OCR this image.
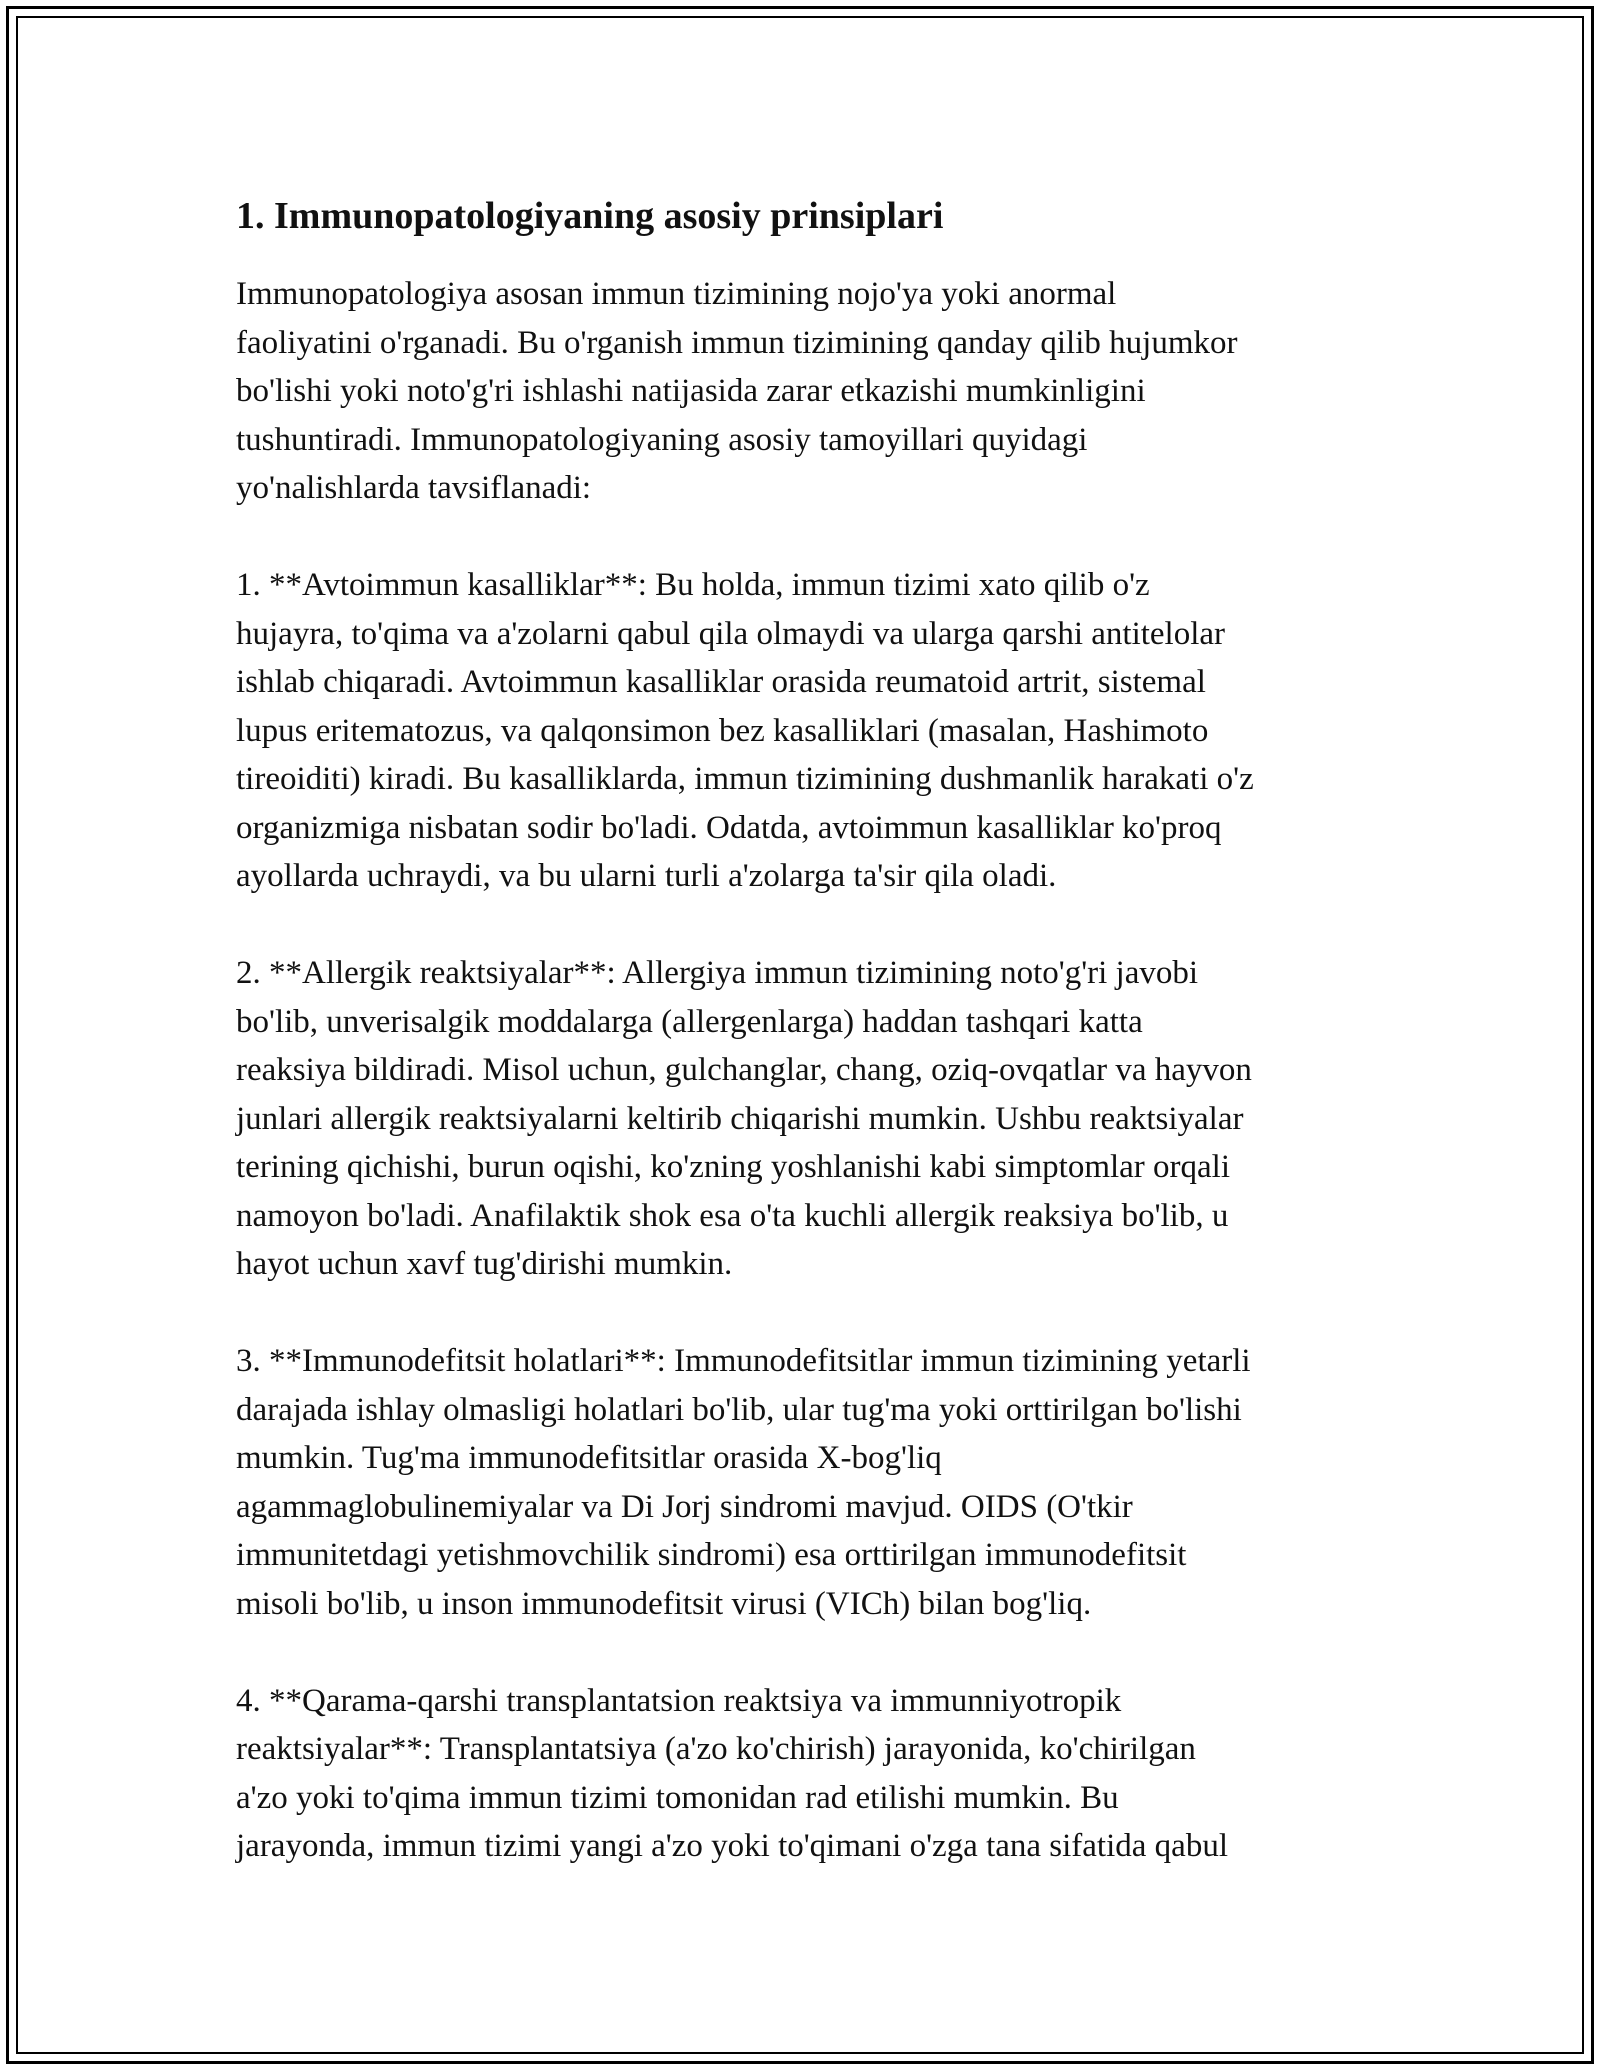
1. Immunopatologiyaning asosiy prinsiplari

Immunopatologiya asosan immun tizimining nojo'ya yoki anormal
faoliyatini o'rganadi. Bu o'rganish immun tizimining qanday qilib hujumkor
bo'lishi yoki noto'g'ri ishlashi natijasida zarar etkazishi mumkinligini
tushuntiradi. Immunopatologiyaning asosiy tamoyillari quyidagi
yo'nalishlarda tavsiflanadi:

1. **Avtoimmun kasalliklar**: Bu holda, immun tizimi xato qilib o'z
hujayra, to'qima va a'zolarni qabul qila olmaydi va ularga qarshi antitelolar
ishlab chiqaradi. Avtoimmun kasalliklar orasida reumatoid artrit, sistemal
lupus eritematozus, va qalqonsimon bez kasalliklari (masalan, Hashimoto
tireoiditi) kiradi. Bu kasalliklarda, immun tizimining dushmanlik harakati o'z
organizmiga nisbatan sodir bo'ladi. Odatda, avtoimmun kasalliklar ko'proq
ayollarda uchraydi, va bu ularni turli a'zolarga ta'sir qila oladi.

2. **Allergik reaktsiyalar**: Allergiya immun tizimining noto'g'ri javobi
bo'lib, unverisalgik moddalarga (allergenlarga) haddan tashqari katta
reaksiya bildiradi. Misol uchun, gulchanglar, chang, oziq-ovqatlar va hayvon
junlari allergik reaktsiyalarni keltirib chiqarishi mumkin. Ushbu reaktsiyalar
terining qichishi, burun oqishi, ko'zning yoshlanishi kabi simptomlar orqali
namoyon bo'ladi. Anafilaktik shok esa o'ta kuchli allergik reaksiya bo'lib, u
hayot uchun xavf tug'dirishi mumkin.

3. **Immunodefitsit holatlari**: Immunodefitsitlar immun tizimining yetarli
darajada ishlay olmasligi holatlari bo'lib, ular tug'ma yoki orttirilgan bo'lishi
mumkin. Tug'ma immunodefitsitlar orasida X-bog'liq
agammaglobulinemiyalar va Di Jorj sindromi mavjud. OIDS (O'tkir
immunitetdagi yetishmovchilik sindromi) esa orttirilgan immunodefitsit
misoli bo'lib, u inson immunodefitsit virusi (VICh) bilan bog'liq.

4. **Qarama-qarshi transplantatsion reaktsiya va immunniyotropik
reaktsiyalar**: Transplantatsiya (a'zo ko'chirish) jarayonida, ko'chirilgan
a'zo yoki to'qima immun tizimi tomonidan rad etilishi mumkin. Bu
jarayonda, immun tizimi yangi a'zo yoki to'qimani o'zga tana sifatida qabul
